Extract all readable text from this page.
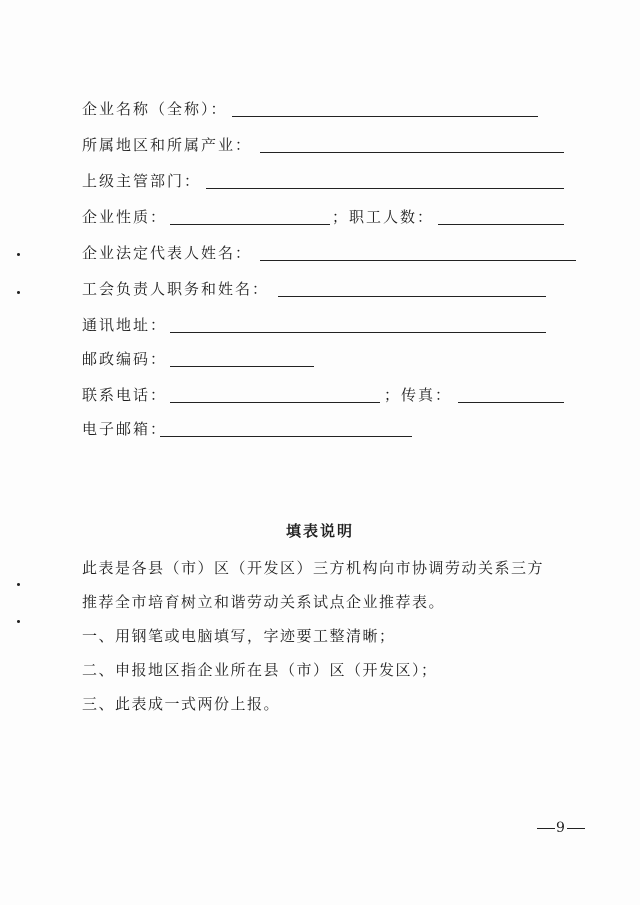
企业名称（全称）：
所属地区和所属产业：
上级主管部门：
企业性质：	；职工人数：
企业法定代表人姓名：
工会负责人职务和姓名：
通讯地址：
邮政编码：
联系电话：	；传真：
电子邮箱：
填表说明
此表是各县（市）区（开发区）三方机构向市协调劳动关系三方
推荐全市培育树立和谐劳动关系试点企业推荐表。
一、用钢笔或电脑填写，字迹要工整清晰；
二、申报地区指企业所在县（市）区（开发区）；
三、此表成一式两份上报。
9
